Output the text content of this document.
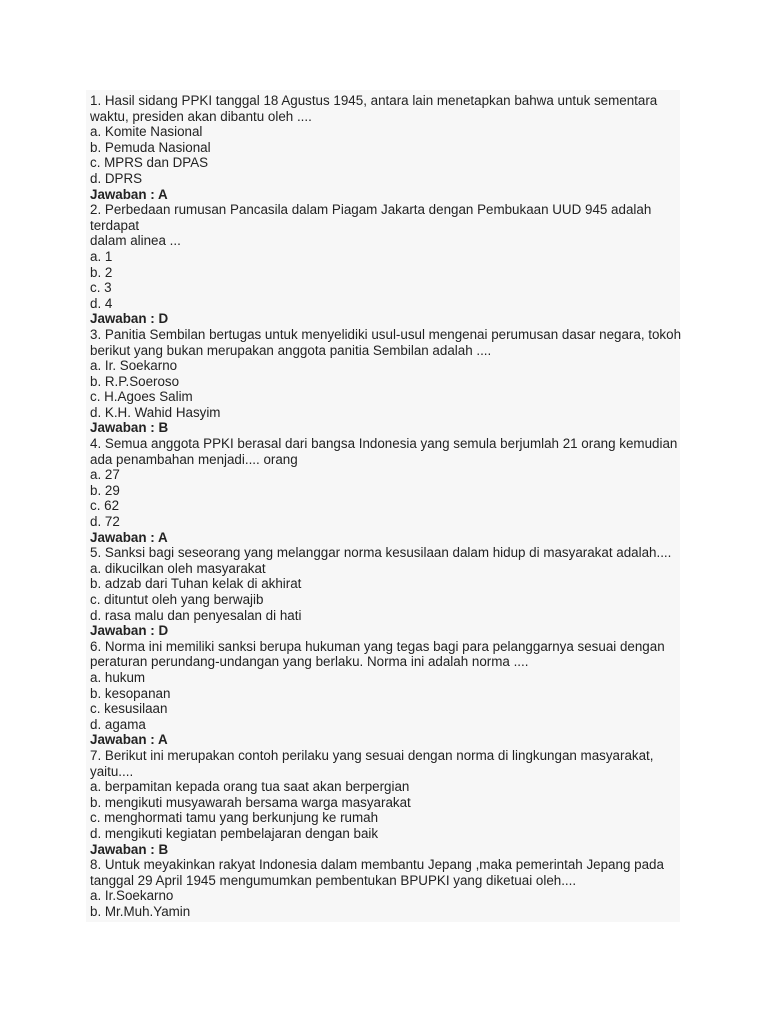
1. Hasil sidang PPKI tanggal 18 Agustus 1945, antara lain menetapkan bahwa untuk sementara
waktu, presiden akan dibantu oleh ....
a. Komite Nasional
b. Pemuda Nasional
c. MPRS dan DPAS
d. DPRS
Jawaban : A
2. Perbedaan rumusan Pancasila dalam Piagam Jakarta dengan Pembukaan UUD 945 adalah
terdapat
dalam alinea ...
a. 1
b. 2
c. 3
d. 4
Jawaban : D
3. Panitia Sembilan bertugas untuk menyelidiki usul-usul mengenai perumusan dasar negara, tokoh
berikut yang bukan merupakan anggota panitia Sembilan adalah ....
a. Ir. Soekarno
b. R.P.Soeroso
c. H.Agoes Salim
d. K.H. Wahid Hasyim
Jawaban : B
4. Semua anggota PPKI berasal dari bangsa Indonesia yang semula berjumlah 21 orang kemudian
ada penambahan menjadi.... orang
a. 27
b. 29
c. 62
d. 72
Jawaban : A
5. Sanksi bagi seseorang yang melanggar norma kesusilaan dalam hidup di masyarakat adalah....
a. dikucilkan oleh masyarakat
b. adzab dari Tuhan kelak di akhirat
c. dituntut oleh yang berwajib
d. rasa malu dan penyesalan di hati
Jawaban : D
6. Norma ini memiliki sanksi berupa hukuman yang tegas bagi para pelanggarnya sesuai dengan
peraturan perundang-undangan yang berlaku. Norma ini adalah norma ....
a. hukum
b. kesopanan
c. kesusilaan
d. agama
Jawaban : A
7. Berikut ini merupakan contoh perilaku yang sesuai dengan norma di lingkungan masyarakat,
yaitu....
a. berpamitan kepada orang tua saat akan berpergian
b. mengikuti musyawarah bersama warga masyarakat
c. menghormati tamu yang berkunjung ke rumah
d. mengikuti kegiatan pembelajaran dengan baik
Jawaban : B
8. Untuk meyakinkan rakyat Indonesia dalam membantu Jepang ,maka pemerintah Jepang pada
tanggal 29 April 1945 mengumumkan pembentukan BPUPKI yang diketuai oleh....
a. Ir.Soekarno
b. Mr.Muh.Yamin
